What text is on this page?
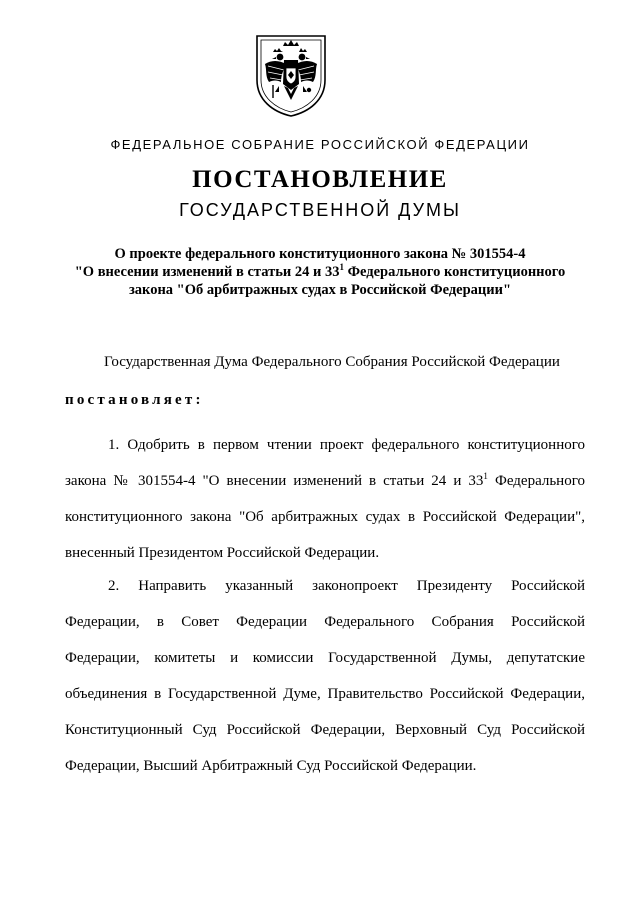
ФЕДЕРАЛЬНОЕ СОБРАНИЕ РОССИЙСКОЙ ФЕДЕРАЦИИ
ПОСТАНОВЛЕНИЕ
ГОСУДАРСТВЕННОЙ ДУМЫ
О проекте федерального конституционного закона № 301554-4
"О внесении изменений в статьи 24 и $33^1$ Федерального конституционного
закона "Об арбитражных судах в Российской Федерации"
Государственная Дума Федерального Собрания Российской Федерации
постановляет:
1. Одобрить в первом чтении проект федерального конституционного
закона № 301554-4 "О внесении изменений в статьи 24 и $33^1$ Федерального
конституционного закона "Об арбитражных судах в Российской Федерации",
внесенный Президентом Российской Федерации.
2. Направить указанный законопроект Президенту Российской
Федерации, в Совет Федерации Федерального Собрания Российской
Федерации, комитеты и комиссии Государственной Думы, депутатские
объединения в Государственной Думе, Правительство Российской Федерации,
Конституционный Суд Российской Федерации, Верховный Суд Российской
Федерации, Высший Арбитражный Суд Российской Федерации.
